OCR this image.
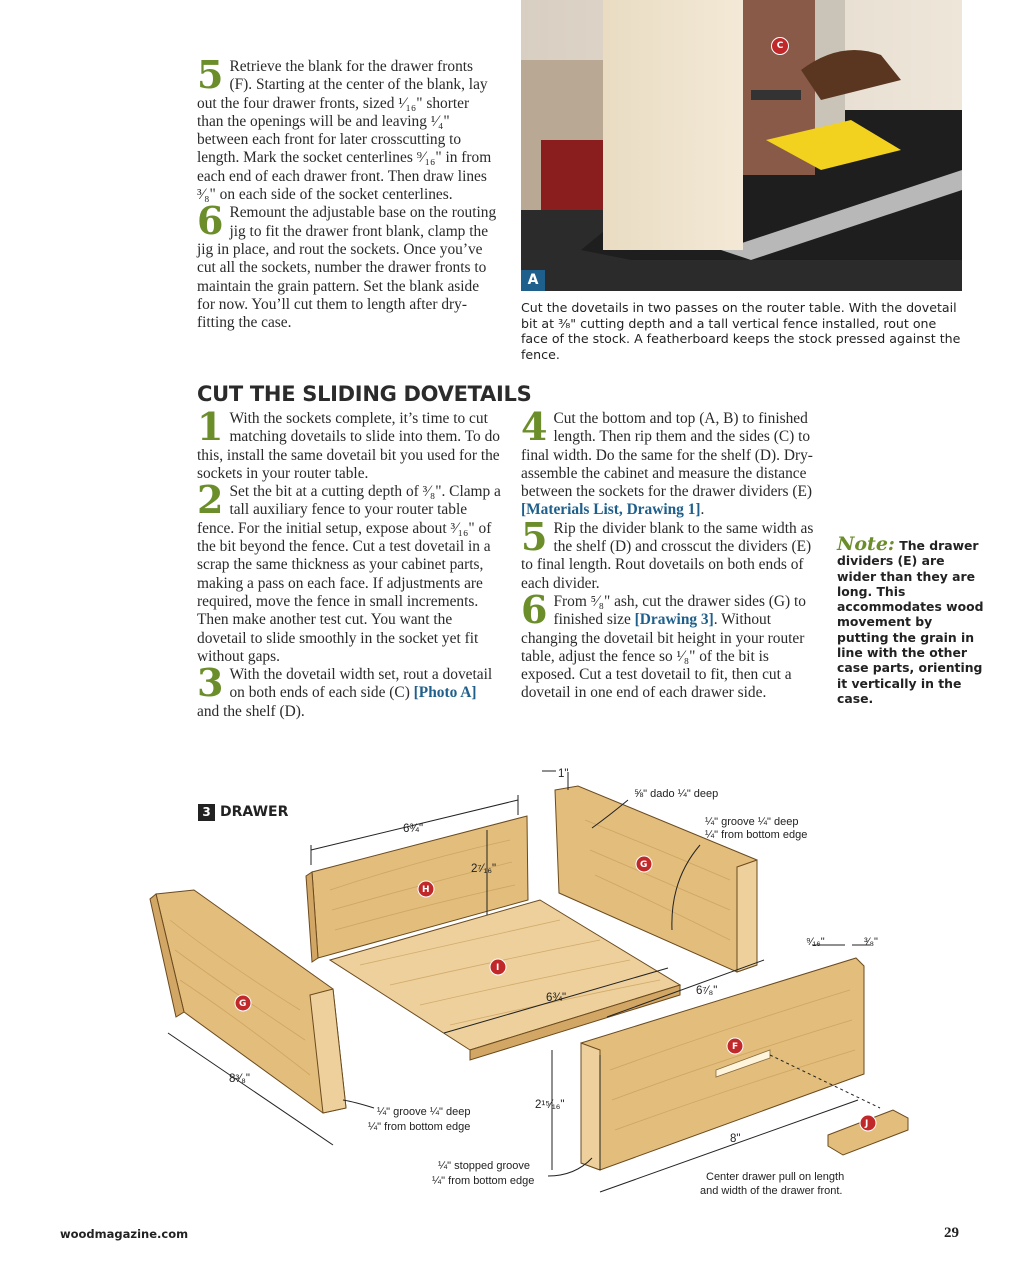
5 Retrieve the blank for the drawer fronts (F). Starting at the center of the blank, lay out the four drawer fronts, sized ¹⁄₁₆" shorter than the openings will be and leaving ¹⁄₄" between each front for later crosscutting to length. Mark the socket centerlines ⁹⁄₁₆" in from each end of each drawer front. Then draw lines ³⁄₈" on each side of the socket centerlines.

6 Remount the adjustable base on the routing jig to fit the drawer front blank, clamp the jig in place, and rout the sockets. Once you’ve cut all the sockets, number the drawer fronts to maintain the grain pattern. Set the blank aside for now. You’ll cut them to length after dry-fitting the case.

A
C
Cut the dovetails in two passes on the router table. With the dovetail bit at ³⁄₈" cutting depth and a tall vertical fence installed, rout one face of the stock. A featherboard keeps the stock pressed against the fence.
CUT THE SLIDING DOVETAILS

1 With the sockets complete, it’s time to cut matching dovetails to slide into them. To do this, install the same dovetail bit you used for the sockets in your router table.

2 Set the bit at a cutting depth of ³⁄₈". Clamp a tall auxiliary fence to your router table fence. For the initial setup, expose about ³⁄₁₆" of the bit beyond the fence. Cut a test dovetail in a scrap the same thickness as your cabinet parts, making a pass on each face. If adjustments are required, move the fence in small increments. Then make another test cut. You want the dovetail to slide smoothly in the socket yet fit without gaps.

3 With the dovetail width set, rout a dovetail on both ends of each side (C) [Photo A] and the shelf (D).

4 Cut the bottom and top (A, B) to finished length. Then rip them and the sides (C) to final width. Do the same for the shelf (D). Dry-assemble the cabinet and measure the distance between the sockets for the drawer dividers (E) [Materials List, Drawing 1].

5 Rip the divider blank to the same width as the shelf (D) and crosscut the dividers (E) to final length. Rout dovetails on both ends of each divider.

6 From ⁵⁄₈" ash, cut the drawer sides (G) to finished size [Drawing 3]. Without changing the dovetail bit height in your router table, adjust the fence so ¹⁄₈" of the bit is exposed. Cut a test dovetail to fit, then cut a dovetail in one end of each drawer side.

Note: The drawer dividers (E) are wider than they are long. This accommodates wood movement by putting the grain in line with the other case parts, orienting it vertically in the case.
3 DRAWER
G
H
I
G
F
J
6¾"
2⁷⁄₁₆"
6¾"
8³⁄₈"
6⁷⁄₈"
8"
2¹⁵⁄₁₆"
1"
⁹⁄₁₆"	³⁄₈"
⅝" dado ¼" deep
¼" groove ¼" deep
¼" from bottom edge
¼" groove ¼" deep
¼" from bottom edge
¼" stopped groove
¼" from bottom edge	Center drawer pull on length
and width of the drawer front.
woodmagazine.com	29
